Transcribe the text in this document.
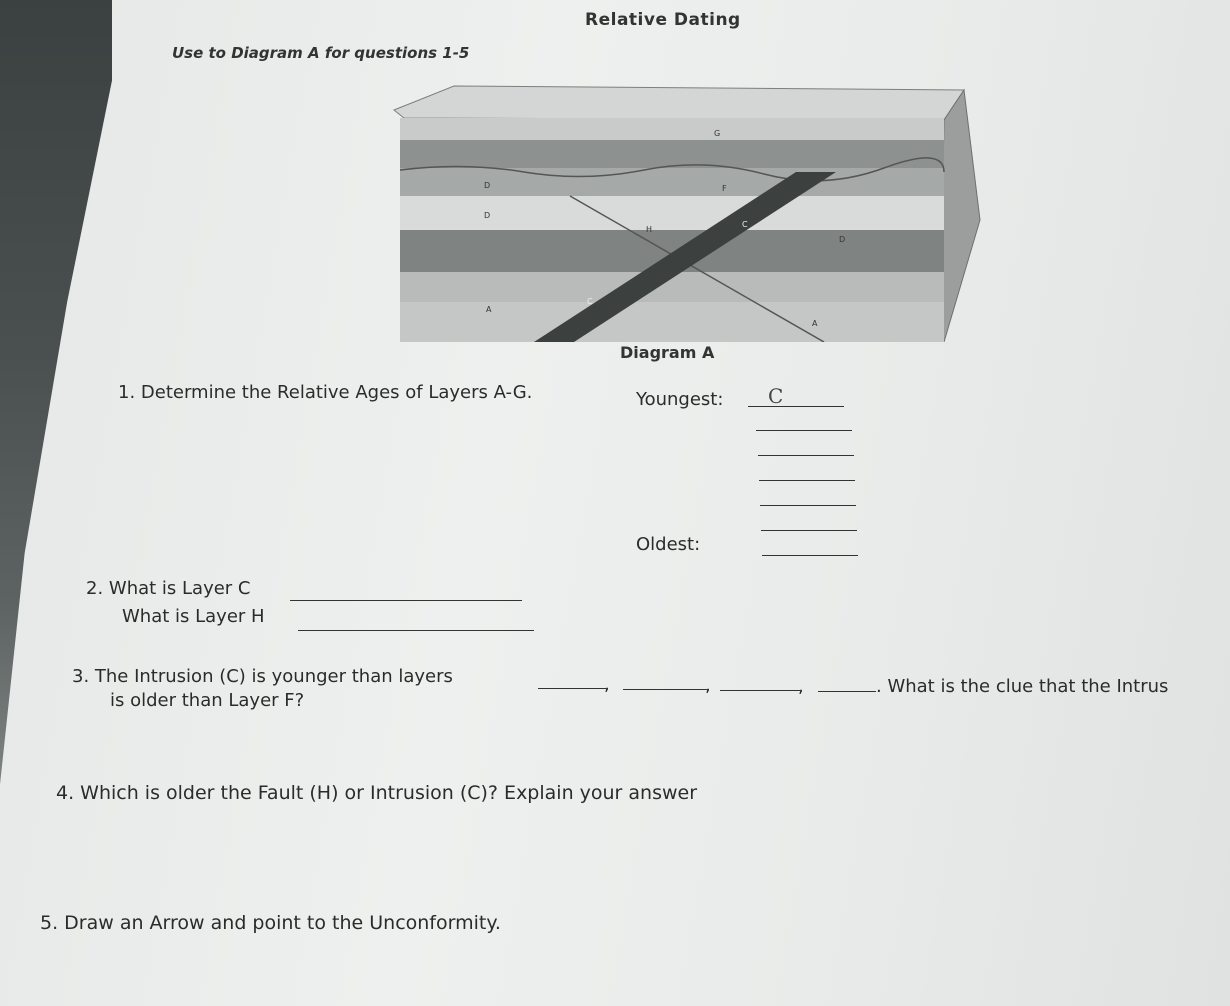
Relative Dating
Use to Diagram A for questions 1-5
D
D
D
H
C
C
A
A
F
G
Diagram A
1. Determine the Relative Ages of Layers A-G.	Youngest: C
Oldest:
2. What is Layer C
What is Layer H
3. The Intrusion (C) is younger than layers	,	,	,	. What is the clue that the Intrus
is older than Layer F?
4. Which is older the Fault (H) or Intrusion (C)? Explain your answer
5. Draw an Arrow and point to the Unconformity.
